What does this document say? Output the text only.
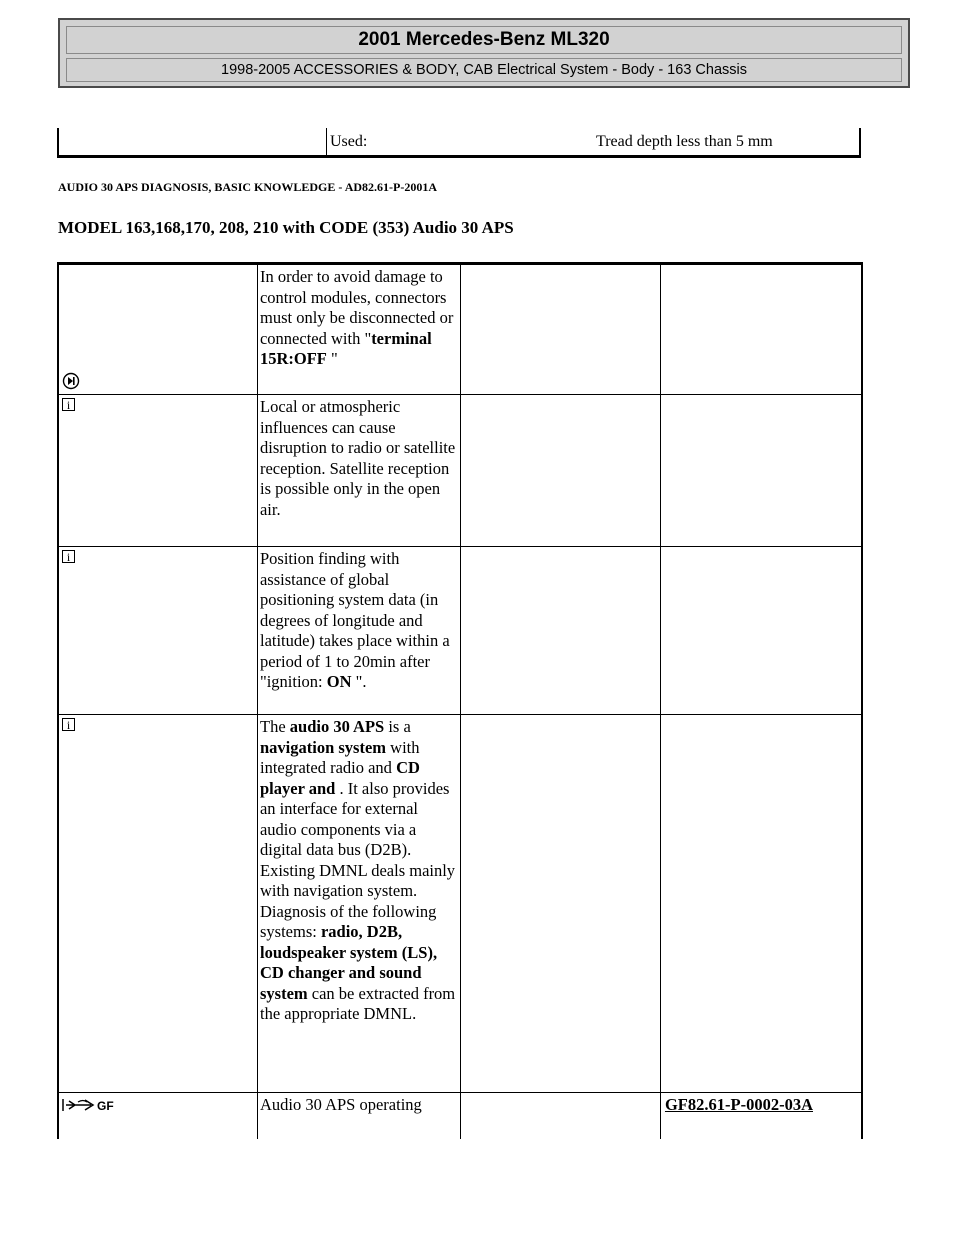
2001 Mercedes-Benz ML320
1998-2005 ACCESSORIES & BODY, CAB Electrical System - Body - 163 Chassis
Used:	Tread depth less than 5 mm
AUDIO 30 APS DIAGNOSIS, BASIC KNOWLEDGE - AD82.61-P-2001A
MODEL 163,168,170, 208, 210 with CODE (353) Audio 30 APS

In order to avoid damage to control modules, connectors must only be disconnected or connected with "terminal 15R:OFF "		

i	Local or atmospheric influences can cause disruption to radio or satellite reception. Satellite reception is possible only in the open air.		

i	Position finding with assistance of global positioning system data (in degrees of longitude and latitude) takes place within a period of 1 to 20min after "ignition: ON ".		

i	The audio 30 APS is a navigation system with integrated radio and CD player and . It also provides an interface for external audio components via a digital data bus (D2B). Existing DMNL deals mainly with navigation system. Diagnosis of the following systems: radio, D2B, loudspeaker system (LS), CD changer and sound system can be extracted from the appropriate DMNL.		

GF	Audio 30 APS operating		GF82.61-P-0002-03A
